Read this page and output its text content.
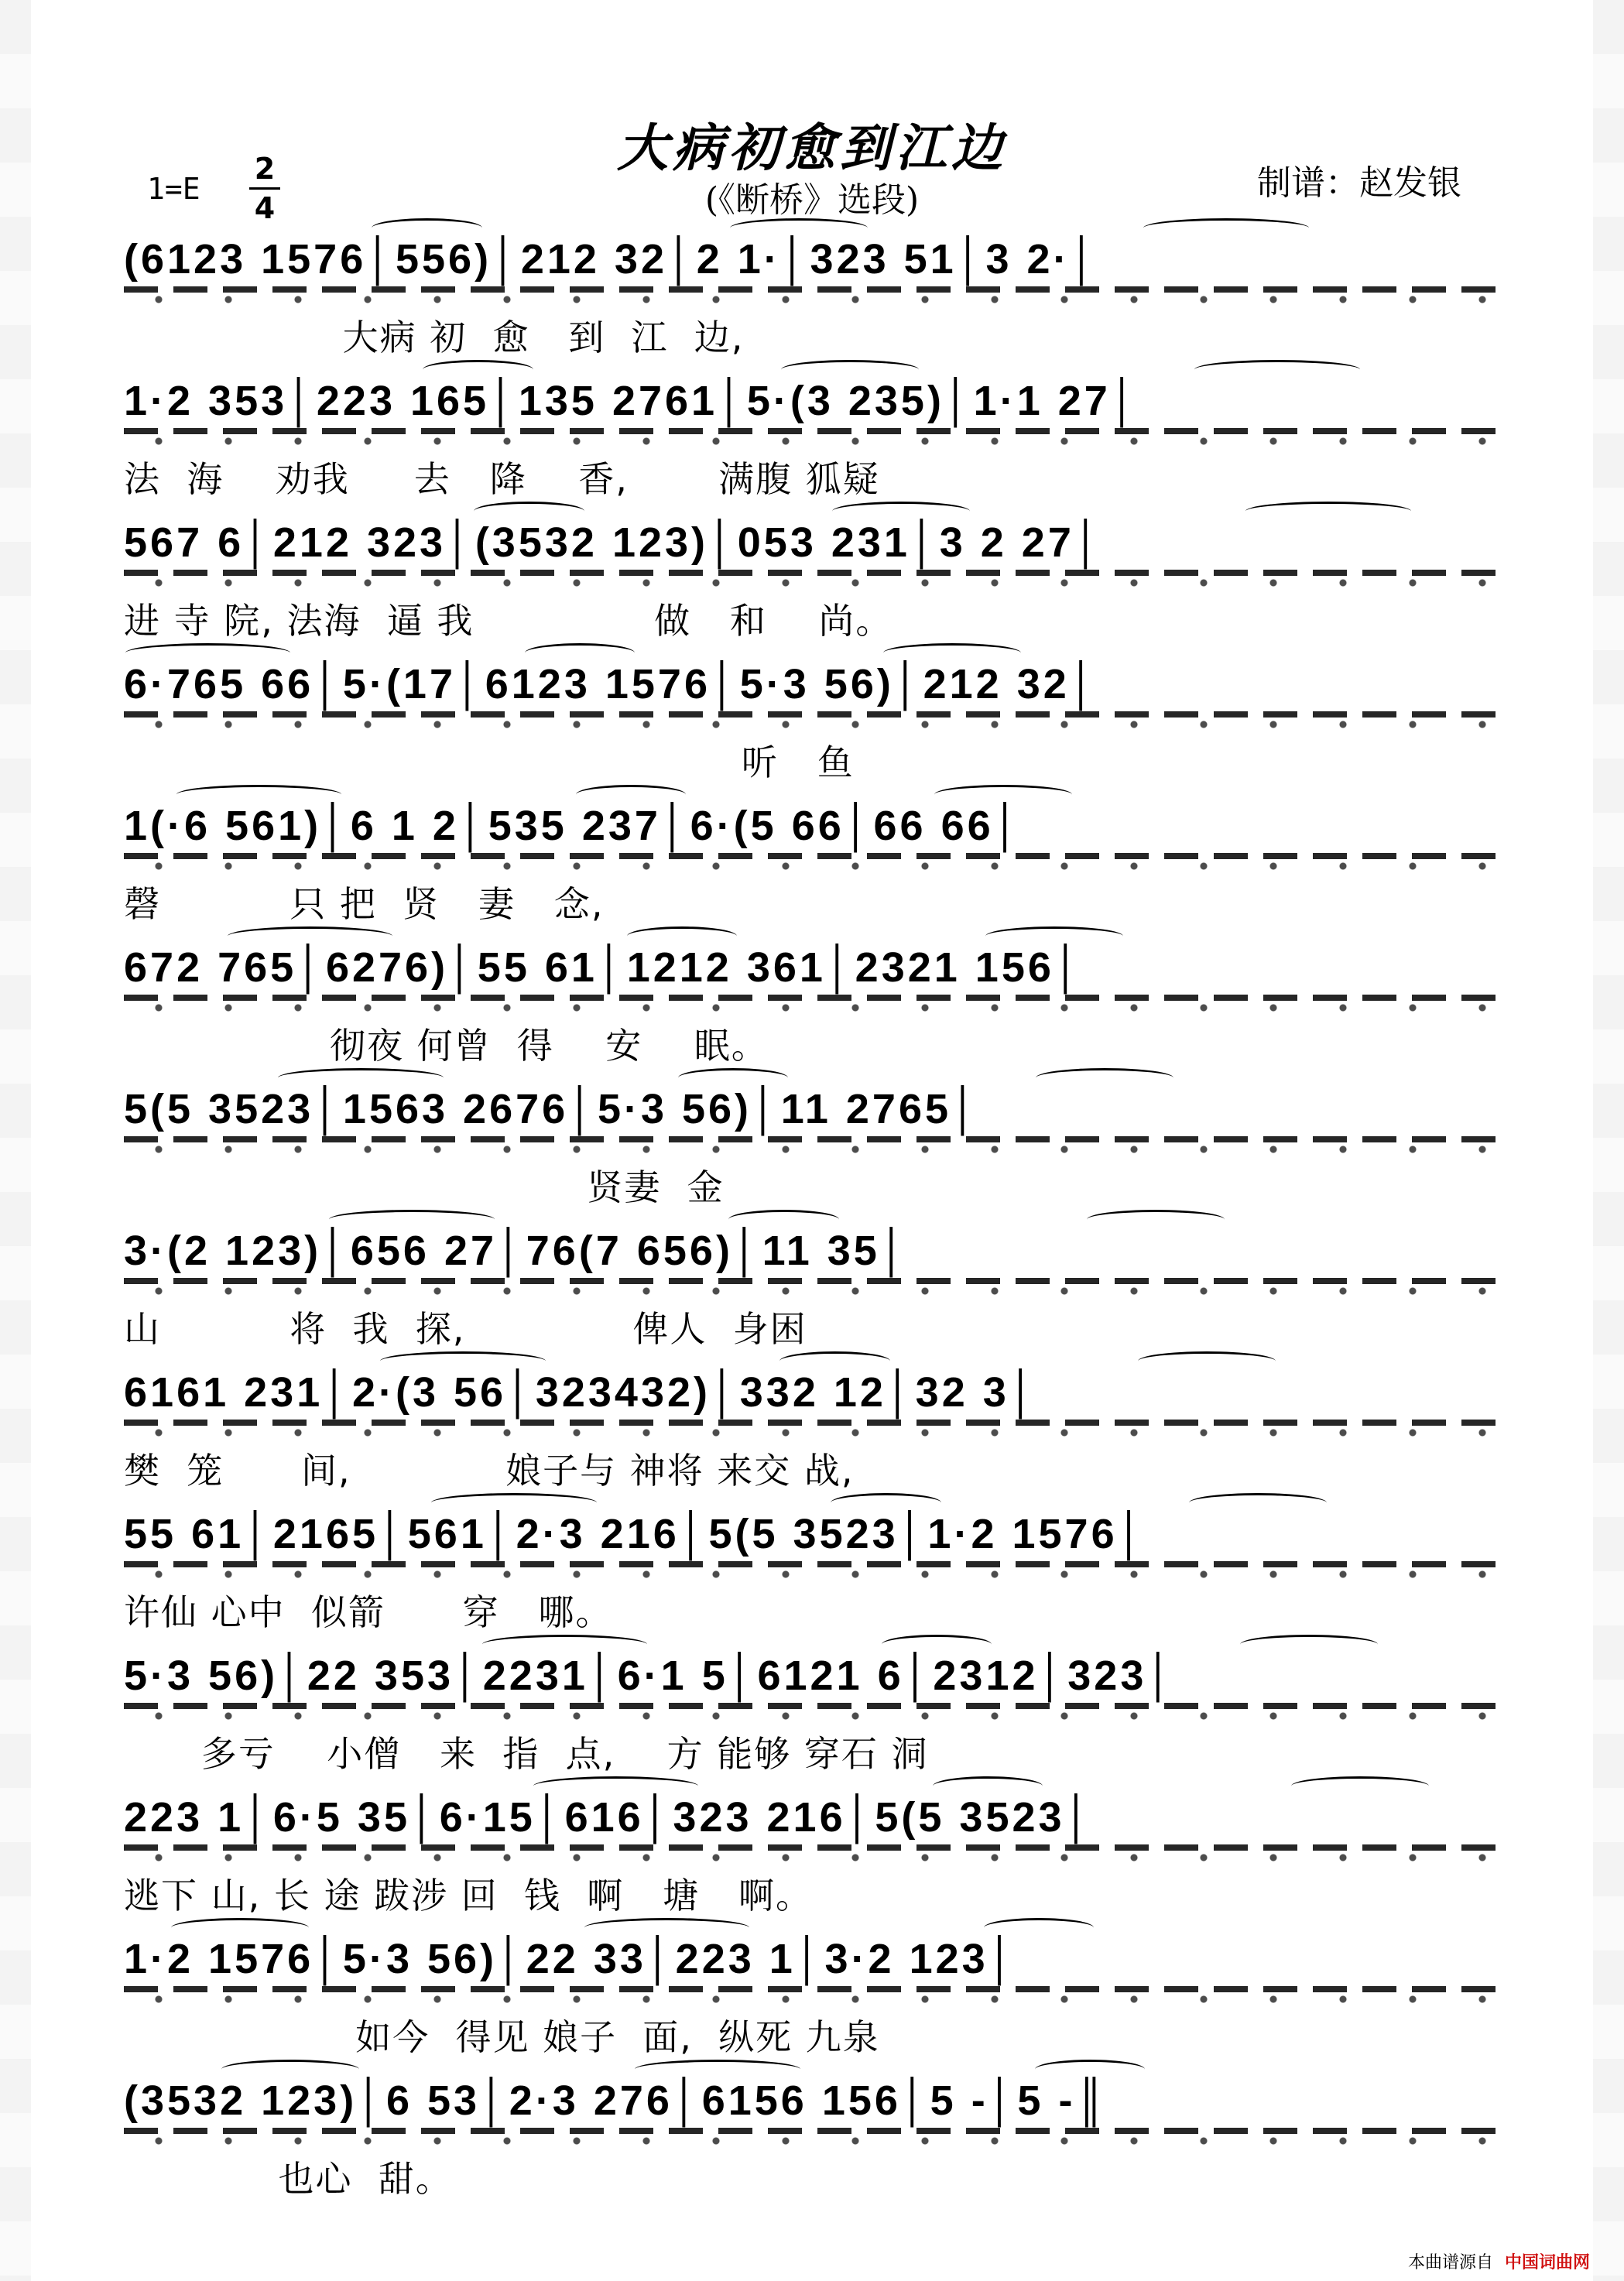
大病初愈到江边
(《断桥》选段)
1=E
2
4
制谱：赵发银
(6123 1576│556)│212 32│2 1·│323 51│3 2·│
大病 初  愈   到  江  边,
1·2 353│223 165│135 2761│5·(3 235)│1·1 27│
法  海    劝我     去   降    香,       满腹 狐疑
567 6│212 323│(3532 123)│053 231│3 2 27│
进 寺 院, 法海  逼 我              做   和    尚。
6·765 66│5·(17│6123 1576│5·3 56)│212 32│
听   鱼
1(·6 561)│6 1 2│535 237│6·(5 66│66 66│
磬          只 把  贤   妻   念,
672 765│6276)│55 61│1212 361│2321 156│
彻夜 何曾  得    安    眠。
5(5 3523│1563 2676│5·3 56)│11 2765│
贤妻  金
3·(2 123)│656 27│76(7 656)│11 35│
山          将  我  探,             俾人  身困
6161 231│2·(3 56│323432)│332 12│32 3│
樊  笼      间,            娘子与 神将 来交 战,
55 61│2165│561│2·3 216│5(5 3523│1·2 1576│
许仙 心中  似箭      穿   哪。
5·3 56)│22 353│2231│6·1 5│6121 6│2312│323│
多亏    小僧   来  指  点,    方 能够 穿石 洞
223 1│6·5 35│6·15│616│323 216│5(5 3523│
逃下 山, 长 途 跋涉 回  钱  啊   塘   啊。
1·2 1576│5·3 56)│22 33│223 1│3·2 123│
如今  得见 娘子  面,  纵死 九泉
(3532 123)│6 53│2·3 276│6156 156│5 -│5 -║
也心  甜。
本曲谱源自 中国词曲网
